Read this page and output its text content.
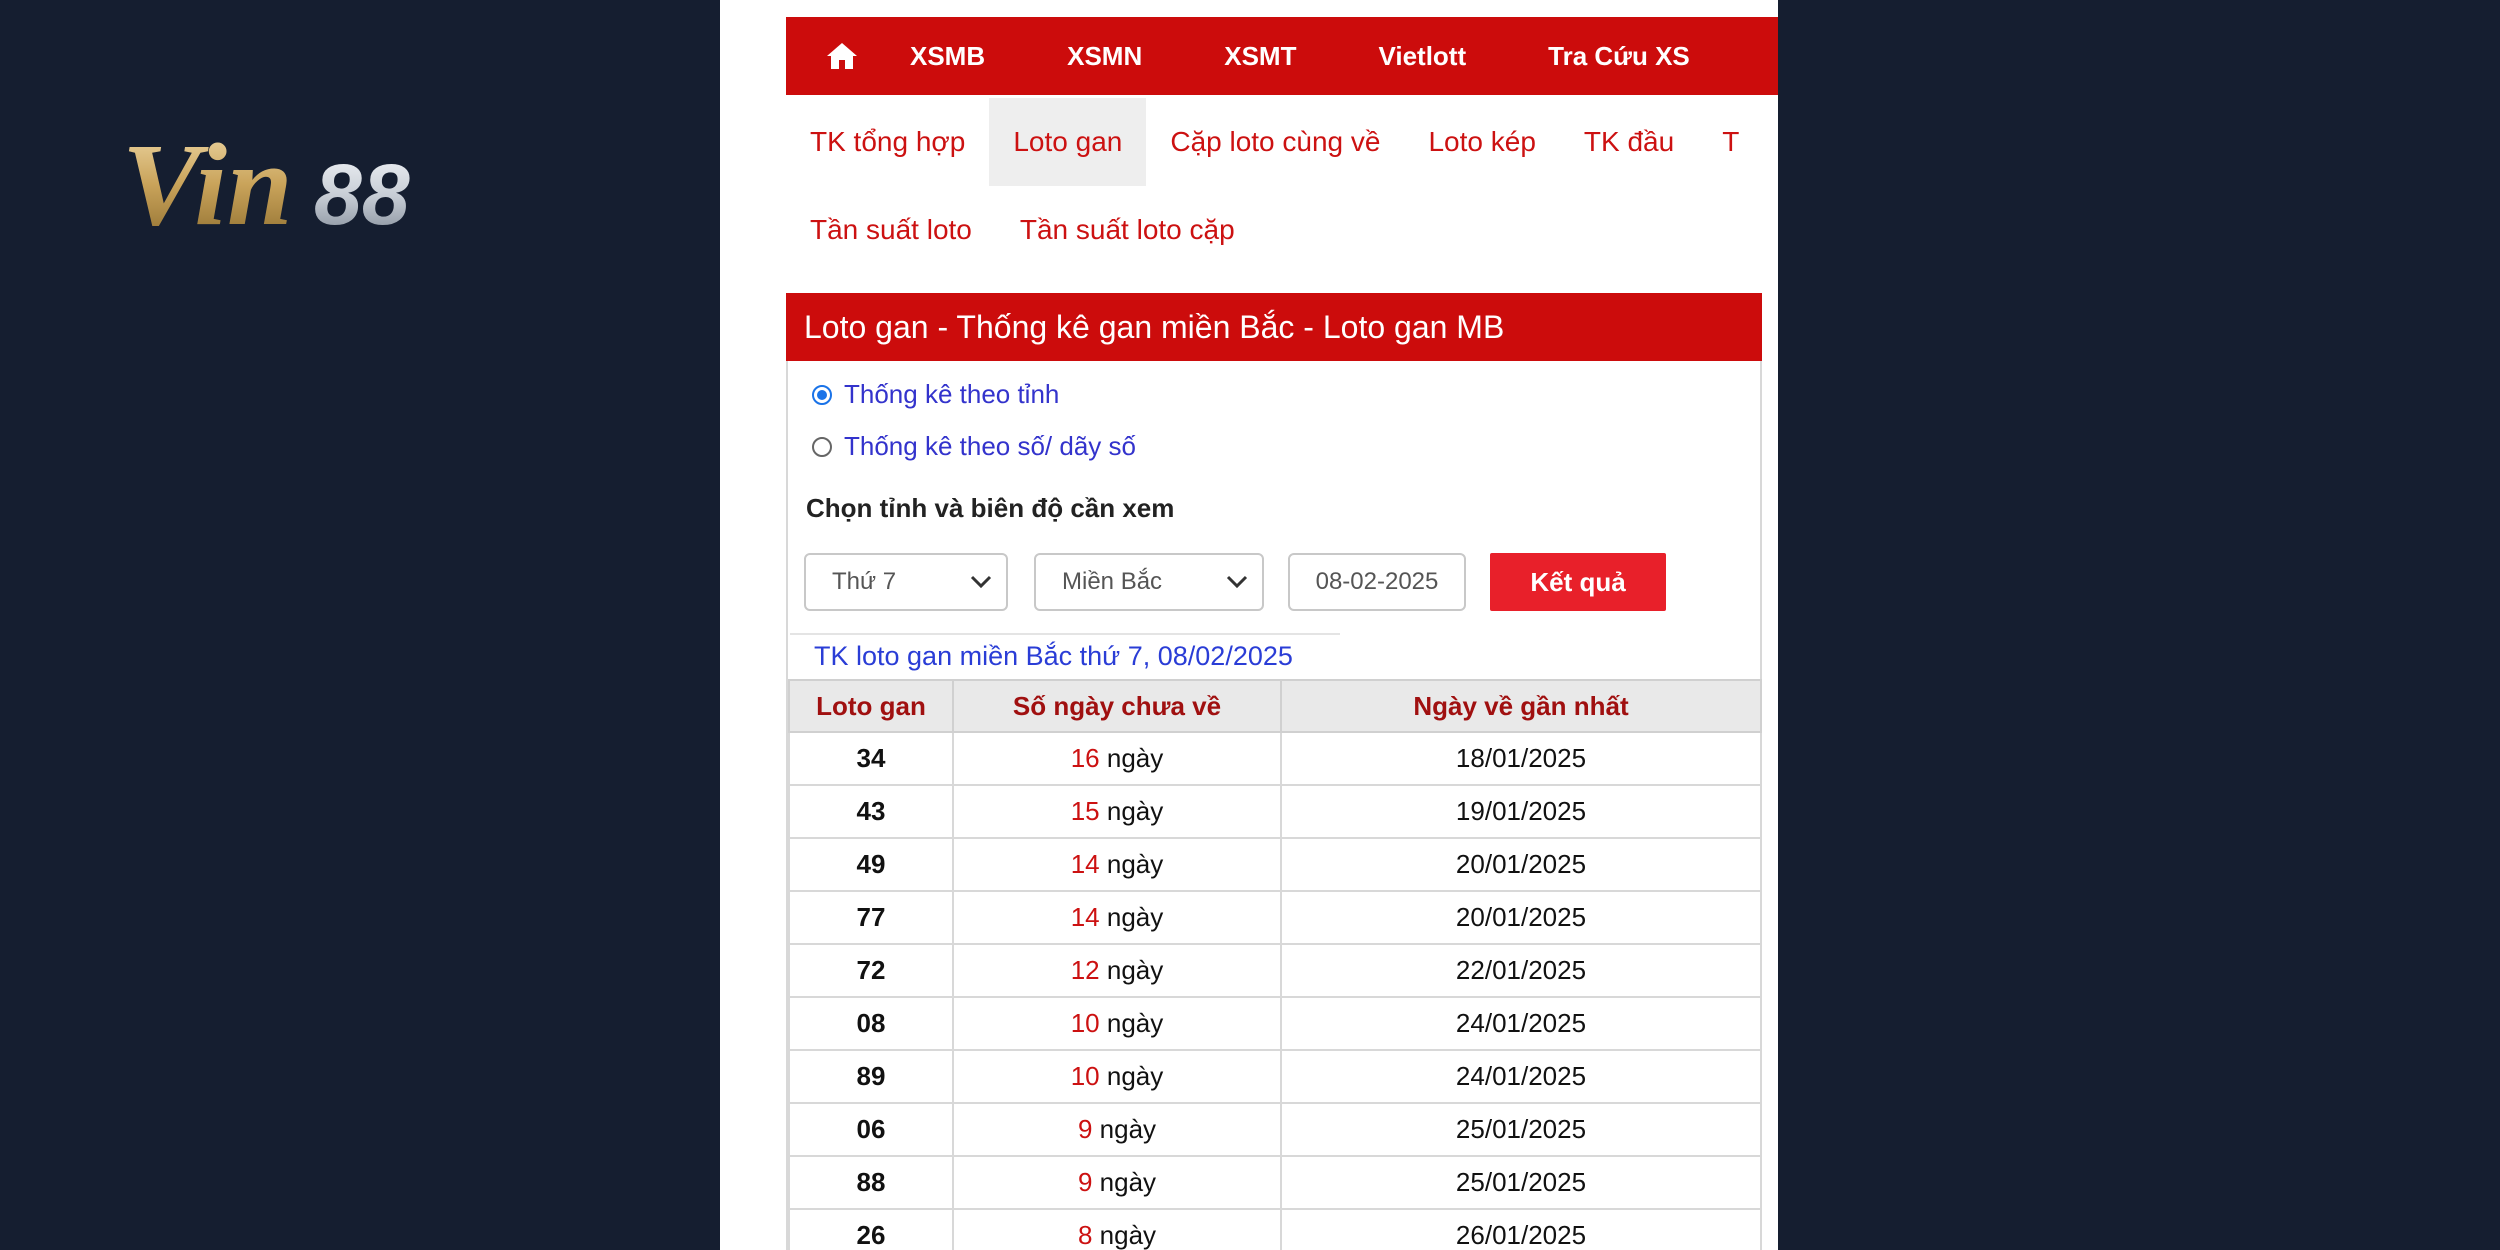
Vin 88
XSMB	XSMN	XSMT	Vietlott	Tra Cứu XS
TK tổng hợp	Loto gan	Cặp loto cùng về	Loto kép	TK đầu	T
Tần suất loto	Tần suất loto cặp
Loto gan - Thống kê gan miền Bắc - Loto gan MB
Thống kê theo tỉnh
Thống kê theo số/ dãy số
Chọn tỉnh và biên độ cần xem
Thứ 7	Miền Bắc	08-02-2025	Kết quả
TK loto gan miền Bắc thứ 7, 08/02/2025
Loto gan	Số ngày chưa về	Ngày về gần nhất
34	16 ngày	18/01/2025
43	15 ngày	19/01/2025
49	14 ngày	20/01/2025
77	14 ngày	20/01/2025
72	12 ngày	22/01/2025
08	10 ngày	24/01/2025
89	10 ngày	24/01/2025
06	9 ngày	25/01/2025
88	9 ngày	25/01/2025
26	8 ngày	26/01/2025
